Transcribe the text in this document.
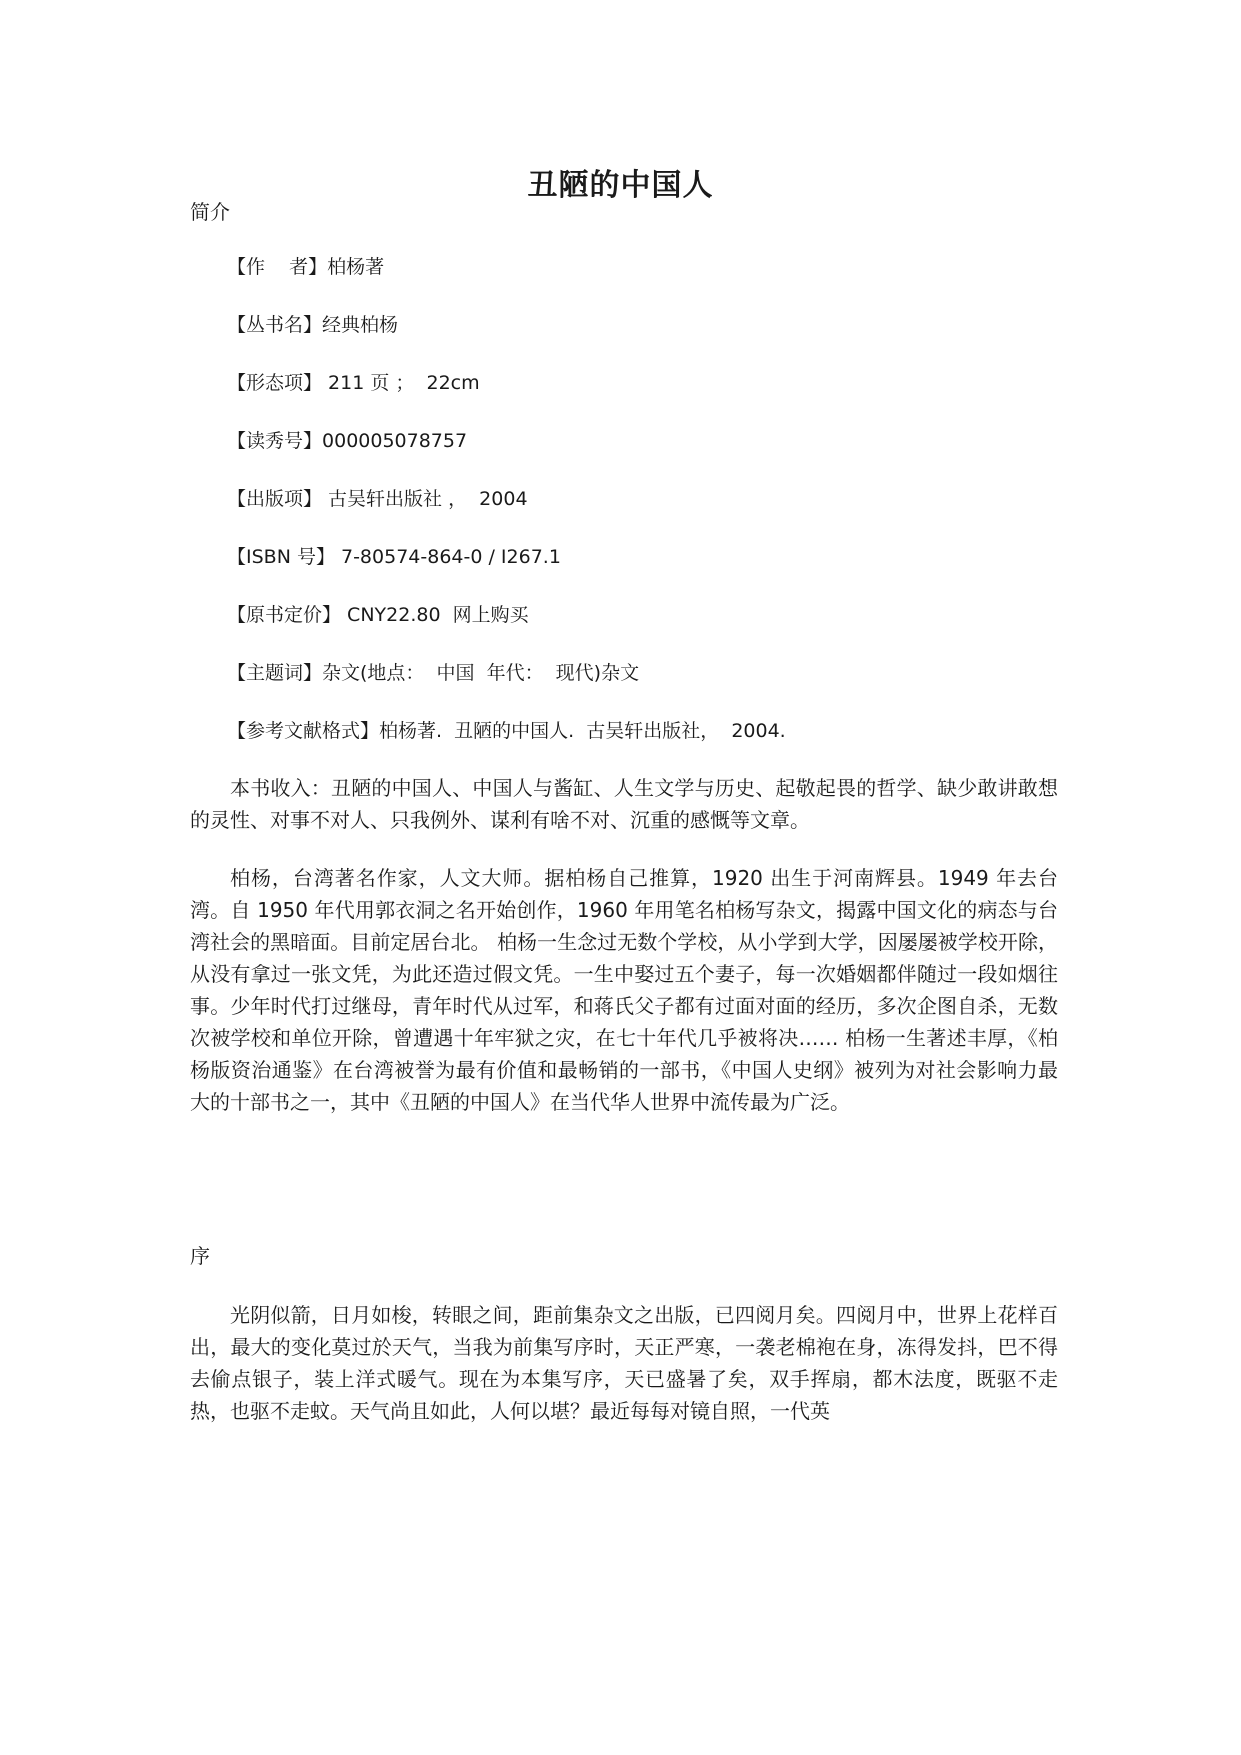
丑陋的中国人
简介
【作    者】柏杨著
【丛书名】经典柏杨
【形态项】 211 页 ；  22cm
【读秀号】000005078757
【出版项】 古吴轩出版社 ，  2004
【ISBN 号】 7-80574-864-0 / I267.1
【原书定价】 CNY22.80  网上购买
【主题词】杂文(地点：  中国  年代：  现代)杂文
【参考文献格式】柏杨著.  丑陋的中国人.  古吴轩出版社，  2004.

本书收入：丑陋的中国人、中国人与酱缸、人生文学与历史、起敬起畏的哲学、缺少敢讲敢想的灵性、对事不对人、只我例外、谋利有啥不对、沉重的感慨等文章。

柏杨，台湾著名作家，人文大师。据柏杨自己推算，1920 出生于河南辉县。1949 年去台湾。自 1950 年代用郭衣洞之名开始创作，1960 年用笔名柏杨写杂文，揭露中国文化的病态与台湾社会的黑暗面。目前定居台北。 柏杨一生念过无数个学校，从小学到大学，因屡屡被学校开除，从没有拿过一张文凭，为此还造过假文凭。一生中娶过五个妻子，每一次婚姻都伴随过一段如烟往事。少年时代打过继母，青年时代从过军，和蒋氏父子都有过面对面的经历，多次企图自杀，无数次被学校和单位开除，曾遭遇十年牢狱之灾，在七十年代几乎被将决…… 柏杨一生著述丰厚，《柏杨版资治通鉴》在台湾被誉为最有价值和最畅销的一部书，《中国人史纲》被列为对社会影响力最大的十部书之一，其中《丑陋的中国人》在当代华人世界中流传最为广泛。

序

光阴似箭，日月如梭，转眼之间，距前集杂文之出版，已四阅月矣。四阅月中，世界上花样百出，最大的变化莫过於天气，当我为前集写序时，天正严寒，一袭老棉袍在身，冻得发抖，巴不得去偷点银子，装上洋式暖气。现在为本集写序，天已盛暑了矣，双手挥扇，都木法度，既驱不走热，也驱不走蚊。天气尚且如此，人何以堪？最近每每对镜自照，一代英
